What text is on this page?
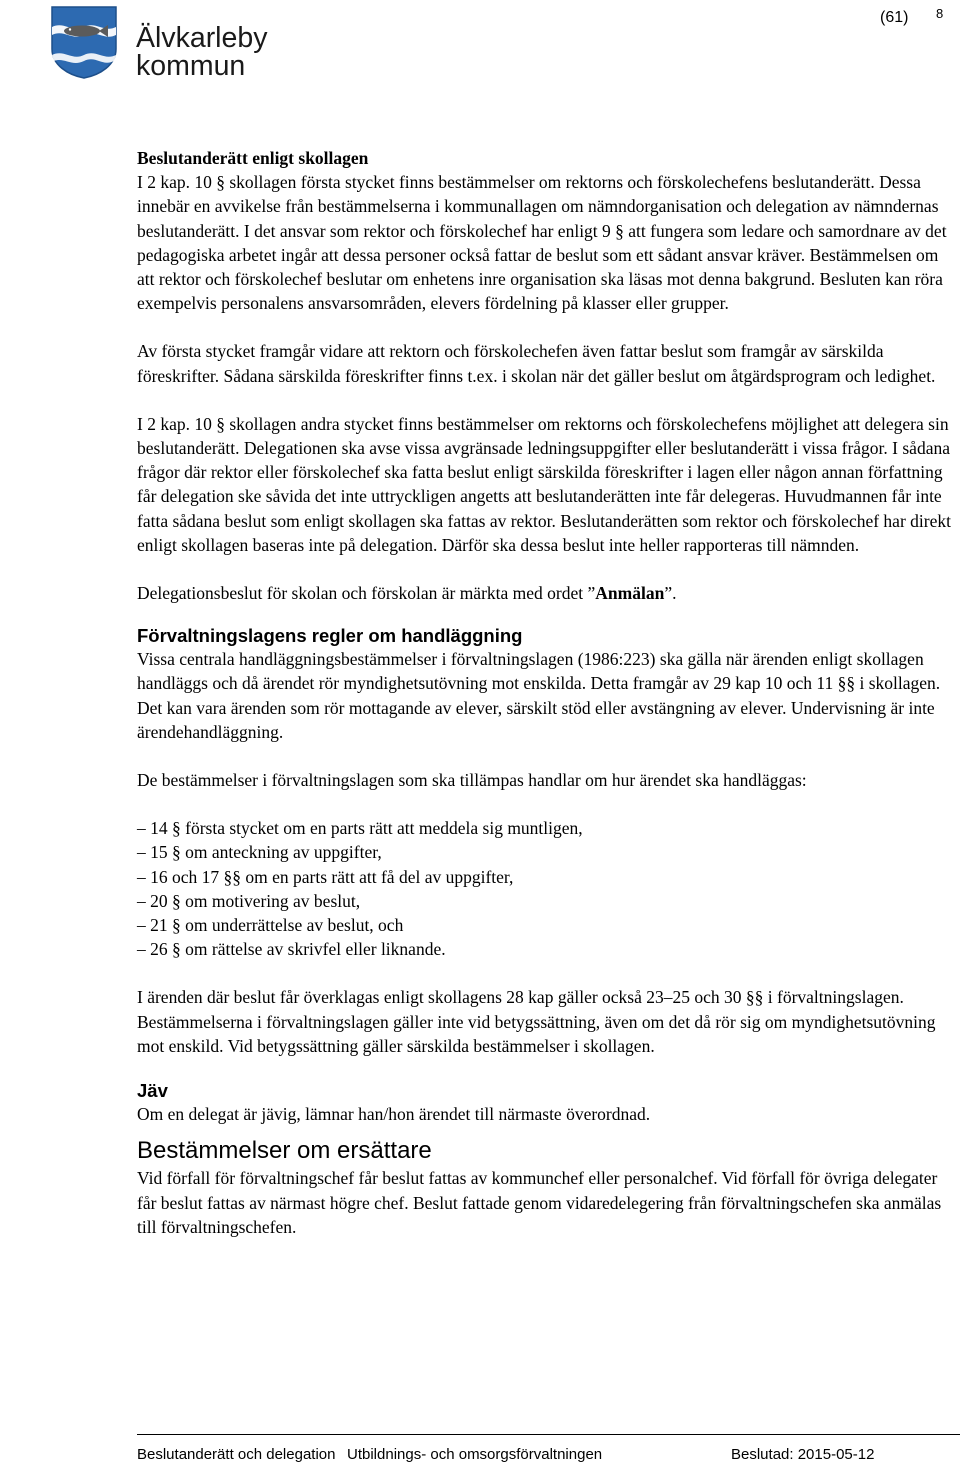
Älvkarleby
kommun
(61) 8

Beslutanderätt enligt skollagen

I 2 kap. 10 § skollagen första stycket finns bestämmelser om rektorns och förskolechefens beslutanderätt. Dessa innebär en avvikelse från bestämmelserna i kommunallagen om nämndorganisation och delegation av nämndernas beslutanderätt. I det ansvar som rektor och förskolechef har enligt 9 § att fungera som ledare och samordnare av det pedagogiska arbetet ingår att dessa personer också fattar de beslut som ett sådant ansvar kräver. Bestämmelsen om att rektor och förskolechef beslutar om enhetens inre organisation ska läsas mot denna bakgrund. Besluten kan röra exempelvis personalens ansvarsområden, elevers fördelning på klasser eller grupper.

Av första stycket framgår vidare att rektorn och förskolechefen även fattar beslut som framgår av särskilda föreskrifter. Sådana särskilda föreskrifter finns t.ex. i skolan när det gäller beslut om åtgärdsprogram och ledighet.

I 2 kap. 10 § skollagen andra stycket finns bestämmelser om rektorns och förskolechefens möjlighet att delegera sin beslutanderätt. Delegationen ska avse vissa avgränsade ledningsuppgifter eller beslutanderätt i vissa frågor. I sådana frågor där rektor eller förskolechef ska fatta beslut enligt särskilda föreskrifter i lagen eller någon annan författning får delegation ske såvida det inte uttryckligen angetts att beslutanderätten inte får delegeras. Huvudmannen får inte fatta sådana beslut som enligt skollagen ska fattas av rektor. Beslutanderätten som rektor och förskolechef har direkt enligt skollagen baseras inte på delegation. Därför ska dessa beslut inte heller rapporteras till nämnden.

Delegationsbeslut för skolan och förskolan är märkta med ordet ”Anmälan”.

Förvaltningslagens regler om handläggning

Vissa centrala handläggningsbestämmelser i förvaltningslagen (1986:223) ska gälla när ärenden enligt skollagen handläggs och då ärendet rör myndighetsutövning mot enskilda. Detta framgår av 29 kap 10 och 11 §§ i skollagen. Det kan vara ärenden som rör mottagande av elever, särskilt stöd eller avstängning av elever. Undervisning är inte ärendehandläggning.

De bestämmelser i förvaltningslagen som ska tillämpas handlar om hur ärendet ska handläggas:

– 14 § första stycket om en parts rätt att meddela sig muntligen,
– 15 § om anteckning av uppgifter,
– 16 och 17 §§ om en parts rätt att få del av uppgifter,
– 20 § om motivering av beslut,
– 21 § om underrättelse av beslut, och
– 26 § om rättelse av skrivfel eller liknande.

I ärenden där beslut får överklagas enligt skollagens 28 kap gäller också 23–25 och 30 §§ i förvaltningslagen. Bestämmelserna i förvaltningslagen gäller inte vid betygssättning, även om det då rör sig om myndighetsutövning mot enskild. Vid betygssättning gäller särskilda bestämmelser i skollagen.

Jäv

Om en delegat är jävig, lämnar han/hon ärendet till närmaste överordnad.

Bestämmelser om ersättare

Vid förfall för förvaltningschef får beslut fattas av kommunchef eller personalchef. Vid förfall för övriga delegater får beslut fattas av närmast högre chef. Beslut fattade genom vidaredelegering från förvaltningschefen ska anmälas till förvaltningschefen.

Beslutanderätt och delegation Utbildnings- och omsorgsförvaltningen	Beslutad: 2015-05-12
